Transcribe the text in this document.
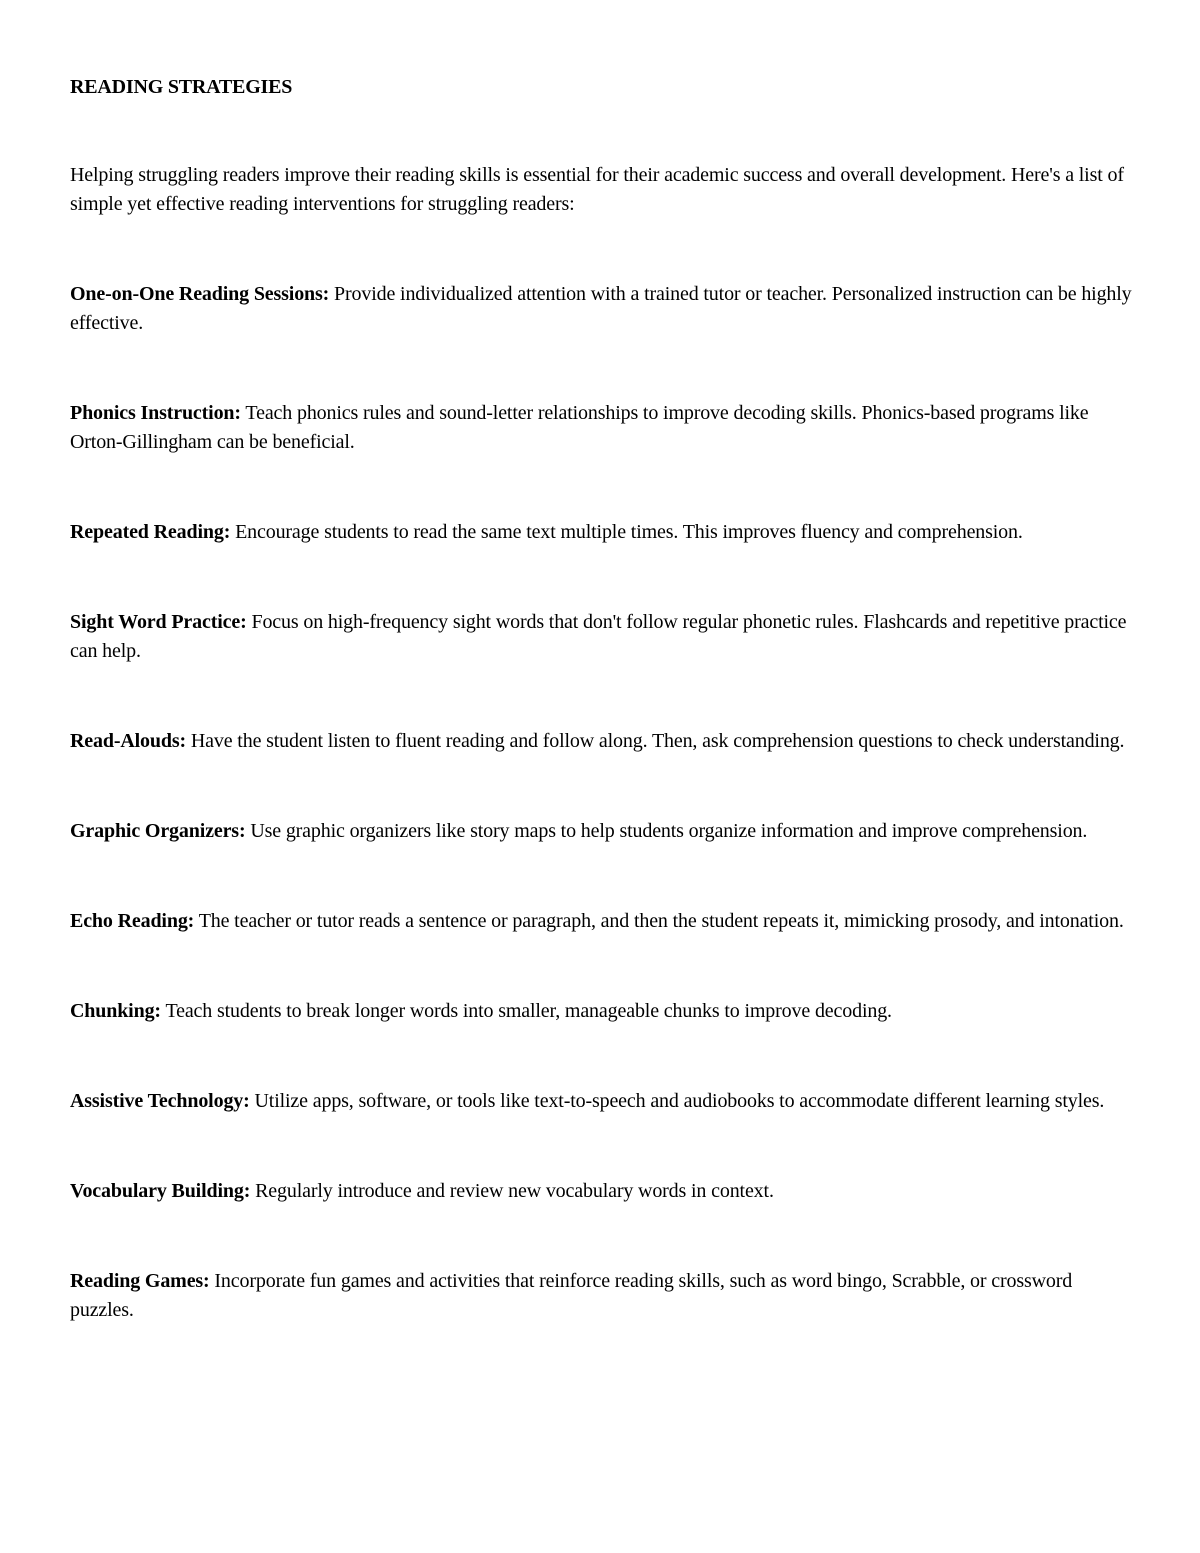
READING STRATEGIES

Helping struggling readers improve their reading skills is essential for their academic success and overall development. Here's a list of simple yet effective reading interventions for struggling readers:

One-on-One Reading Sessions: Provide individualized attention with a trained tutor or teacher. Personalized instruction can be highly effective.
Phonics Instruction: Teach phonics rules and sound-letter relationships to improve decoding skills. Phonics-based programs like Orton-Gillingham can be beneficial.
Repeated Reading: Encourage students to read the same text multiple times. This improves fluency and comprehension.
Sight Word Practice: Focus on high-frequency sight words that don't follow regular phonetic rules. Flashcards and repetitive practice can help.
Read-Alouds: Have the student listen to fluent reading and follow along. Then, ask comprehension questions to check understanding.
Graphic Organizers: Use graphic organizers like story maps to help students organize information and improve comprehension.
Echo Reading: The teacher or tutor reads a sentence or paragraph, and then the student repeats it, mimicking prosody, and intonation.
Chunking: Teach students to break longer words into smaller, manageable chunks to improve decoding.
Assistive Technology: Utilize apps, software, or tools like text-to-speech and audiobooks to accommodate different learning styles.
Vocabulary Building: Regularly introduce and review new vocabulary words in context.
Reading Games: Incorporate fun games and activities that reinforce reading skills, such as word bingo, Scrabble, or crossword puzzles.
